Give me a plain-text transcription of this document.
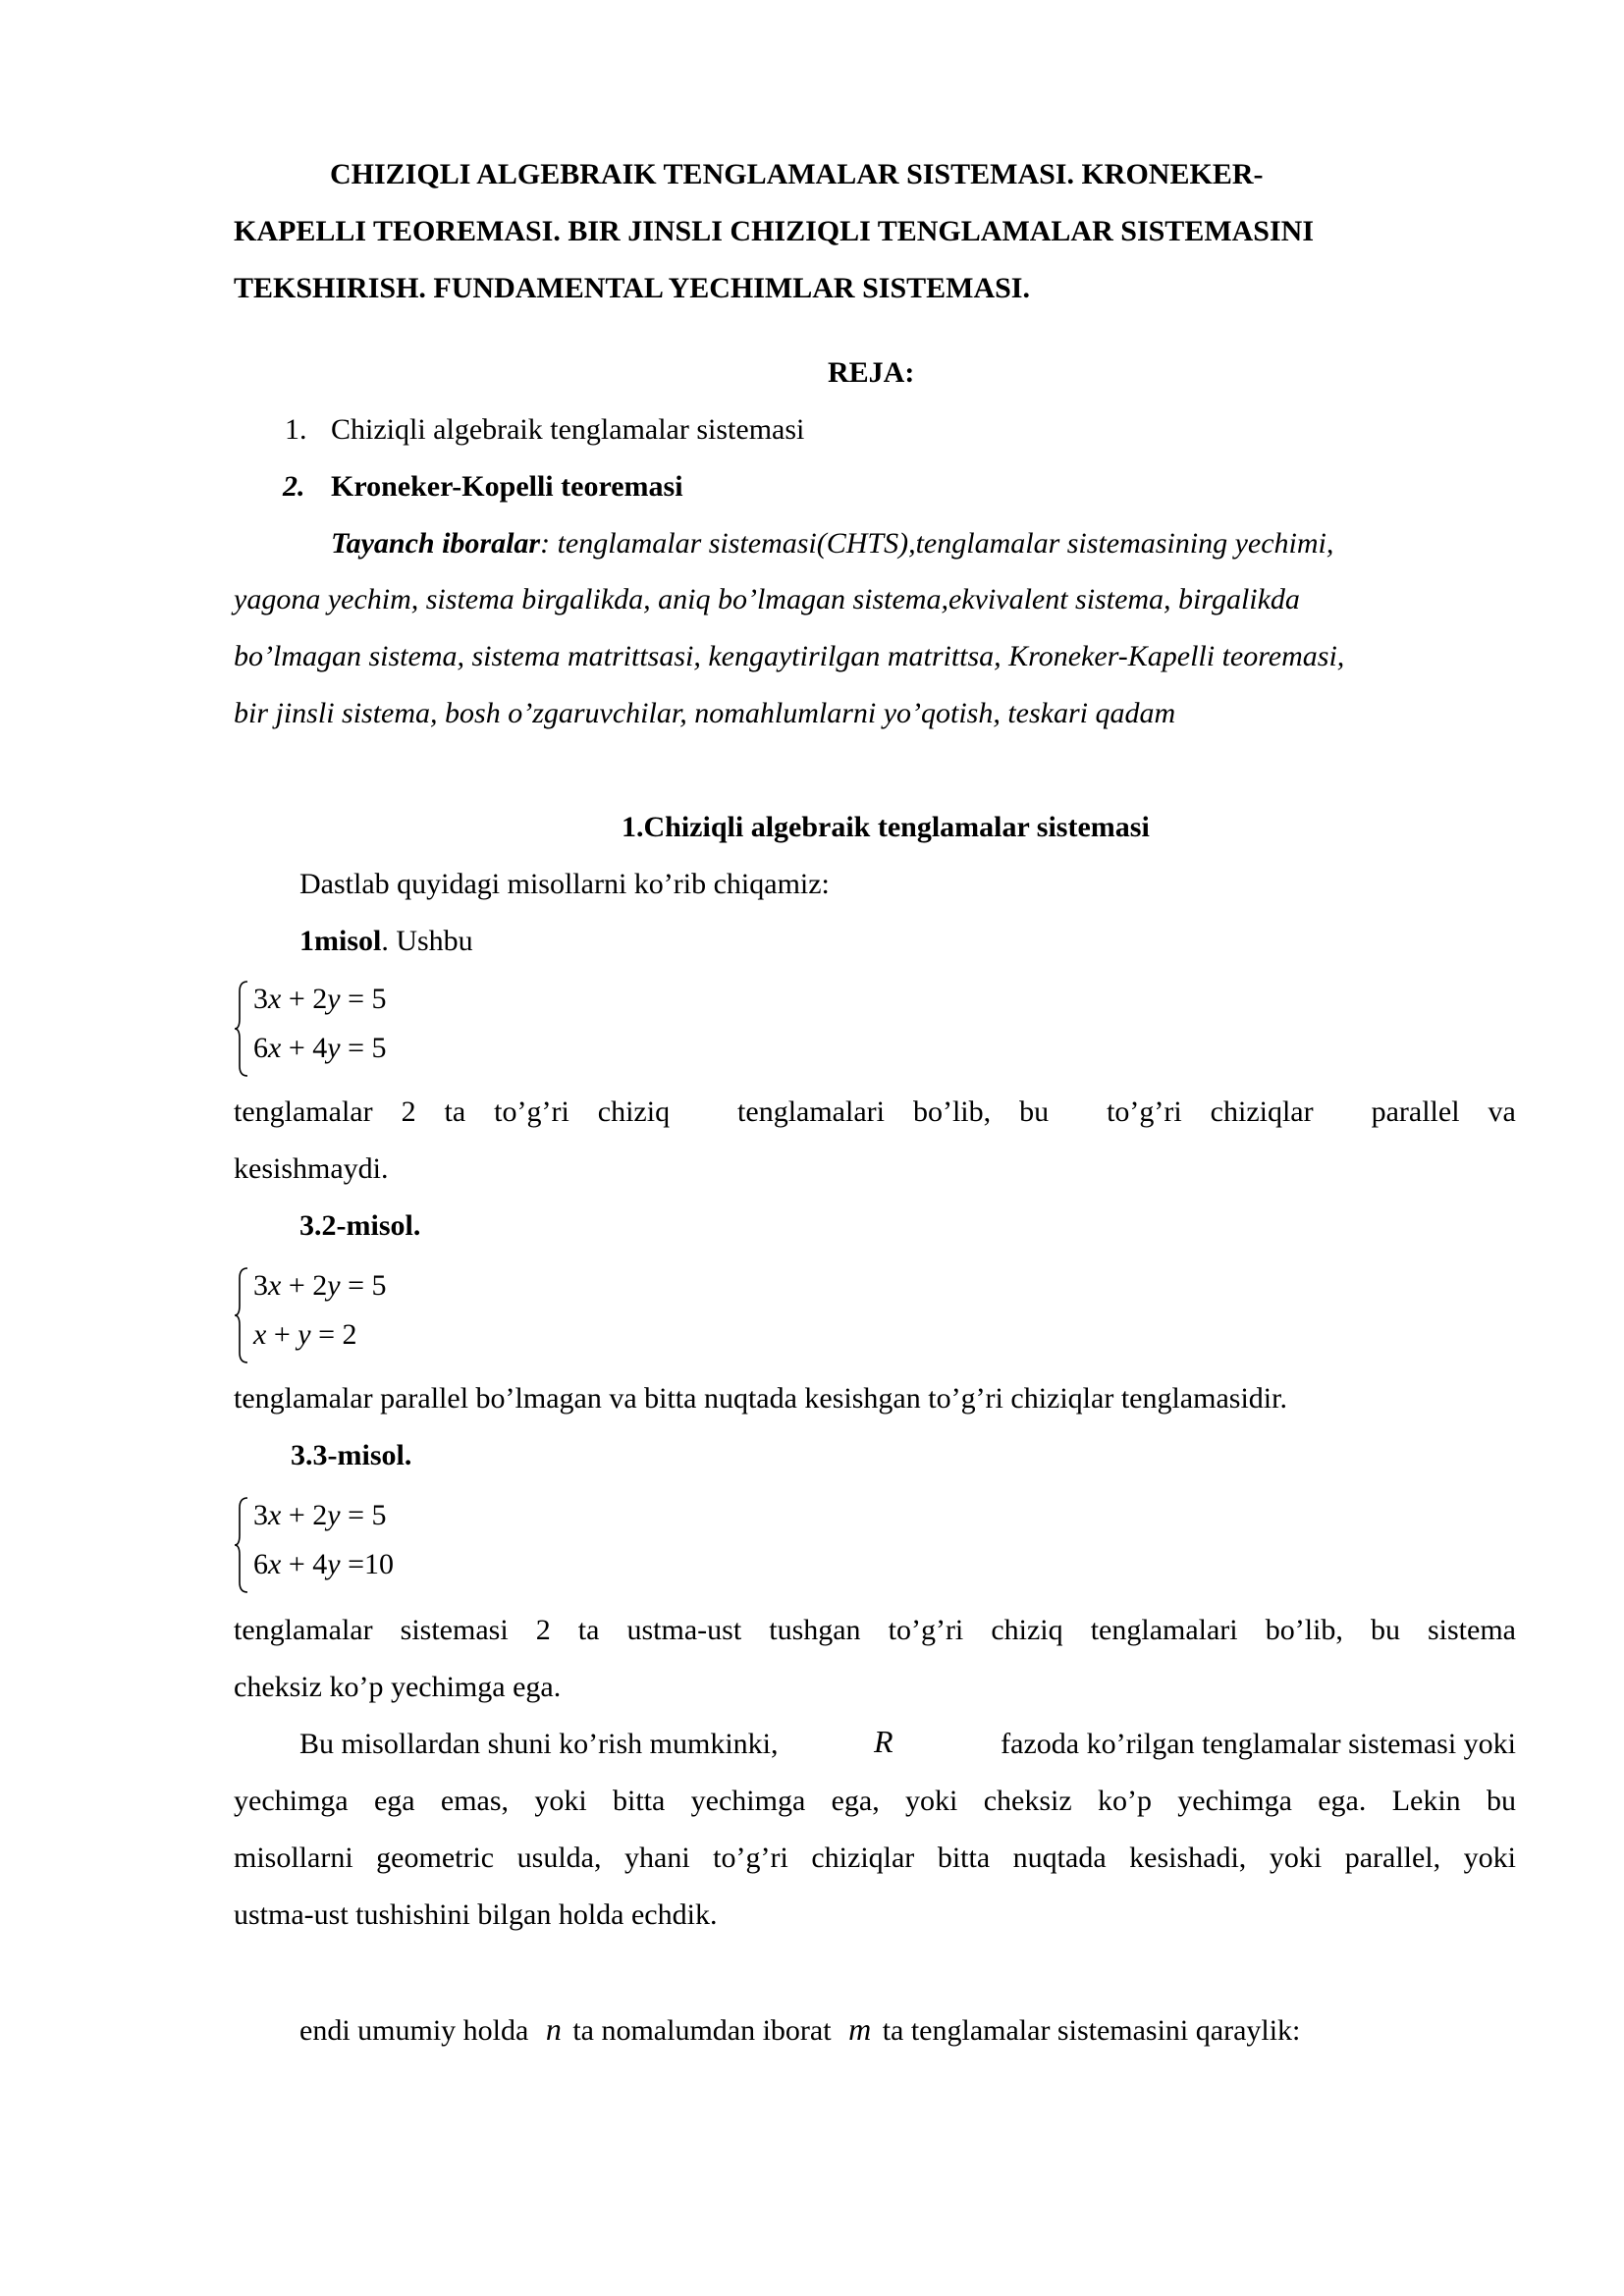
CHIZIQLI ALGEBRAIK TENGLAMALAR SISTEMASI. KRONEKER-
KAPELLI TEOREMASI. BIR JINSLI CHIZIQLI TENGLAMALAR SISTEMASINI
TEKSHIRISH. FUNDAMENTAL YECHIMLAR SISTEMASI.
REJA:
1. Chiziqli algebraik tenglamalar sistemasi
2. Kroneker-Kopelli teoremasi
Tayanch iboralar: tenglamalar sistemasi(CHTS),tenglamalar sistemasining yechimi,
yagona yechim, sistema birgalikda, aniq bo’lmagan sistema,ekvivalent sistema, birgalikda
bo’lmagan sistema, sistema matrittsasi, kengaytirilgan matrittsa, Kroneker-Kapelli teoremasi,
bir jinsli sistema, bosh o’zgaruvchilar, nomahlumlarni yo’qotish, teskari qadam
1.Chiziqli algebraik tenglamalar sistemasi
Dastlab quyidagi misollarni ko’rib chiqamiz:
1misol. Ushbu
3x + 2y = 5
6x + 4y = 5
tenglamalar 2 ta to’g’ri chiziq tenglamalari bo’lib, bu to’g’ri chiziqlar parallel va
kesishmaydi.
3.2-misol.
3x + 2y = 5
x + y = 2
tenglamalar parallel bo’lmagan va bitta nuqtada kesishgan to’g’ri chiziqlar tenglamasidir.
3.3-misol.
3x + 2y = 5
6x + 4y =10
tenglamalar sistemasi 2 ta ustma-ust tushgan to’g’ri chiziq tenglamalari bo’lib, bu sistema
cheksiz ko’p yechimga ega.
Bu misollardan shuni ko’rish mumkinki,	R	fazoda ko’rilgan tenglamalar sistemasi yoki
yechimga ega emas, yoki bitta yechimga ega, yoki cheksiz ko’p yechimga ega. Lekin bu
misollarni geometric usulda, yhani to’g’ri chiziqlar bitta nuqtada kesishadi, yoki parallel, yoki
ustma-ust tushishini bilgan holda echdik.
endi umumiy holda n ta nomalumdan iborat m ta tenglamalar sistemasini qaraylik:
